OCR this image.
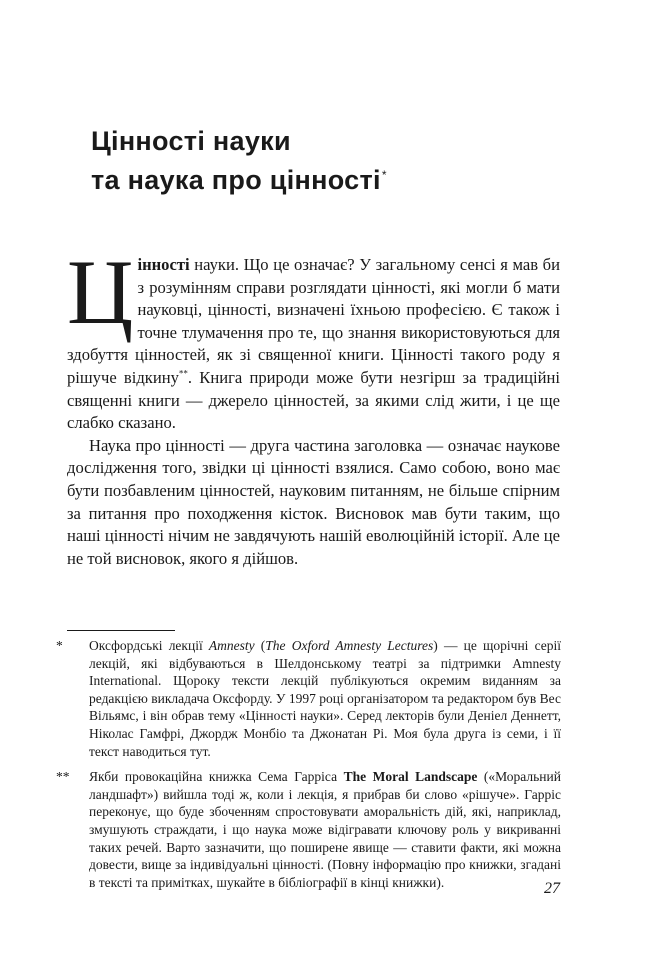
Цінності науки
та наука про цінності*

Цінності науки. Що це означає? У загальному сенсі я мав би з розумінням справи розглядати цінності, які могли б мати науковці, цінності, визначені їхньою професією. Є також і точне тлумачення про те, що знання використовуються для здобуття цінностей, як зі священної книги. Цінності такого роду я рішуче відкину**. Книга природи може бути незгірш за традиційні священні книги — джерело цінностей, за якими слід жити, і це ще слабко сказано.

Наука про цінності — друга частина заголовка — означає наукове дослідження того, звідки ці цінності взялися. Само собою, воно має бути позбавленим цінностей, науковим питанням, не більше спірним за питання про походження кісток. Висновок мав бути таким, що наші цінності нічим не завдячують нашій еволюційній історії. Але це не той висновок, якого я дійшов.

*	Оксфордські лекції Amnesty (The Oxford Amnesty Lectures) — це щорічні серії лекцій, які відбуваються в Шелдонському театрі за підтримки Amnesty International. Щороку тексти лекцій публікуються окремим виданням за редакцією викладача Оксфорду. У 1997 році організатором та редактором був Вес Вільямс, і він обрав тему «Цінності науки». Серед лекторів були Деніел Деннетт, Ніколас Гамфрі, Джордж Монбіо та Джонатан Рі. Моя була друга із семи, і її текст наводиться тут.
**	Якби провокаційна книжка Сема Гарріса The Moral Landscape («Моральний ландшафт») вийшла тоді ж, коли і лекція, я прибрав би слово «рішуче». Гарріс переконує, що буде збоченням спростовувати аморальність дій, які, наприклад, змушують страждати, і що наука може відігравати ключову роль у викриванні таких речей. Варто зазначити, що поширене явище — ставити факти, які можна довести, вище за індивідуальні цінності. (Повну інформацію про книжки, згадані в тексті та примітках, шукайте в бібліографії в кінці книжки).	27
